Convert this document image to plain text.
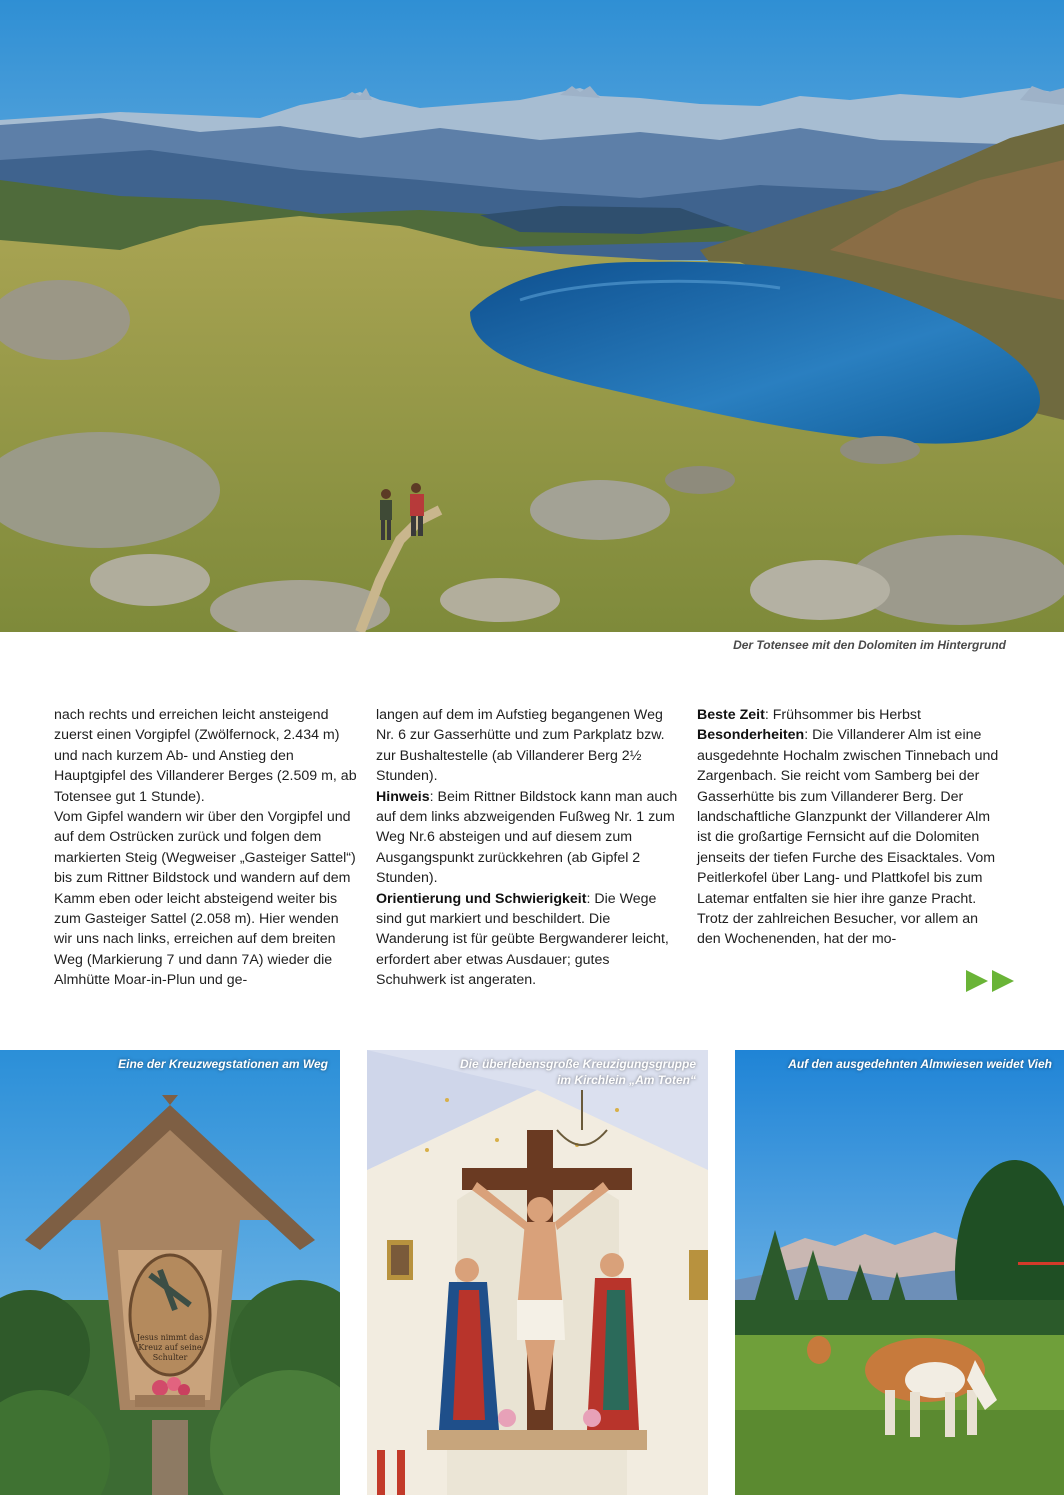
Der Totensee mit den Dolomiten im Hintergrund

nach rechts und erreichen leicht ansteigend zuerst einen Vorgipfel (Zwölfernock, 2.434 m) und nach kurzem Ab- und Anstieg den Hauptgipfel des Villanderer Berges (2.509 m, ab Totensee gut 1 Stunde).

Vom Gipfel wandern wir über den Vorgipfel und auf dem Ostrücken zurück und folgen dem markierten Steig (Wegweiser „Gasteiger Sattel“) bis zum Rittner Bildstock und wandern auf dem Kamm eben oder leicht absteigend weiter bis zum Gasteiger Sattel (2.058 m). Hier wenden wir uns nach links, erreichen auf dem breiten Weg (Markierung 7 und dann 7A) wieder die Almhütte Moar-in-Plun und ge-

langen auf dem im Aufstieg begangenen Weg Nr. 6 zur Gasserhütte und zum Parkplatz bzw. zur Bushaltestelle (ab Villanderer Berg 2½ Stunden).

Hinweis: Beim Rittner Bildstock kann man auch auf dem links abzweigenden Fußweg Nr. 1 zum Weg Nr.6 absteigen und auf diesem zum Ausgangspunkt zurückkehren (ab Gipfel 2 Stunden).

Orientierung und Schwierigkeit: Die Wege sind gut markiert und beschildert. Die Wanderung ist für geübte Bergwanderer leicht, erfordert aber etwas Ausdauer; gutes Schuhwerk ist angeraten.

Beste Zeit: Frühsommer bis Herbst

Besonderheiten: Die Villanderer Alm ist eine ausgedehnte Hochalm zwischen Tinnebach und Zargenbach. Sie reicht vom Samberg bei der Gasserhütte bis zum Villanderer Berg. Der landschaftliche Glanzpunkt der Villanderer Alm ist die großartige Fernsicht auf die Dolomiten jenseits der tiefen Furche des Eisacktales. Vom Peitlerkofel über Lang- und Plattkofel bis zum Latemar entfalten sie hier ihre ganze Pracht. Trotz der zahlreichen Besucher, vor allem an den Wochenenden, hat der mo-

Jesus nimmt das
Kreuz auf seine
Schulter
Eine der Kreuzwegstationen am Weg	Die überlebensgroße Kreuzigungsgruppe
im Kirchlein „Am Toten“
Auf den ausgedehnten Almwiesen weidet Vieh
